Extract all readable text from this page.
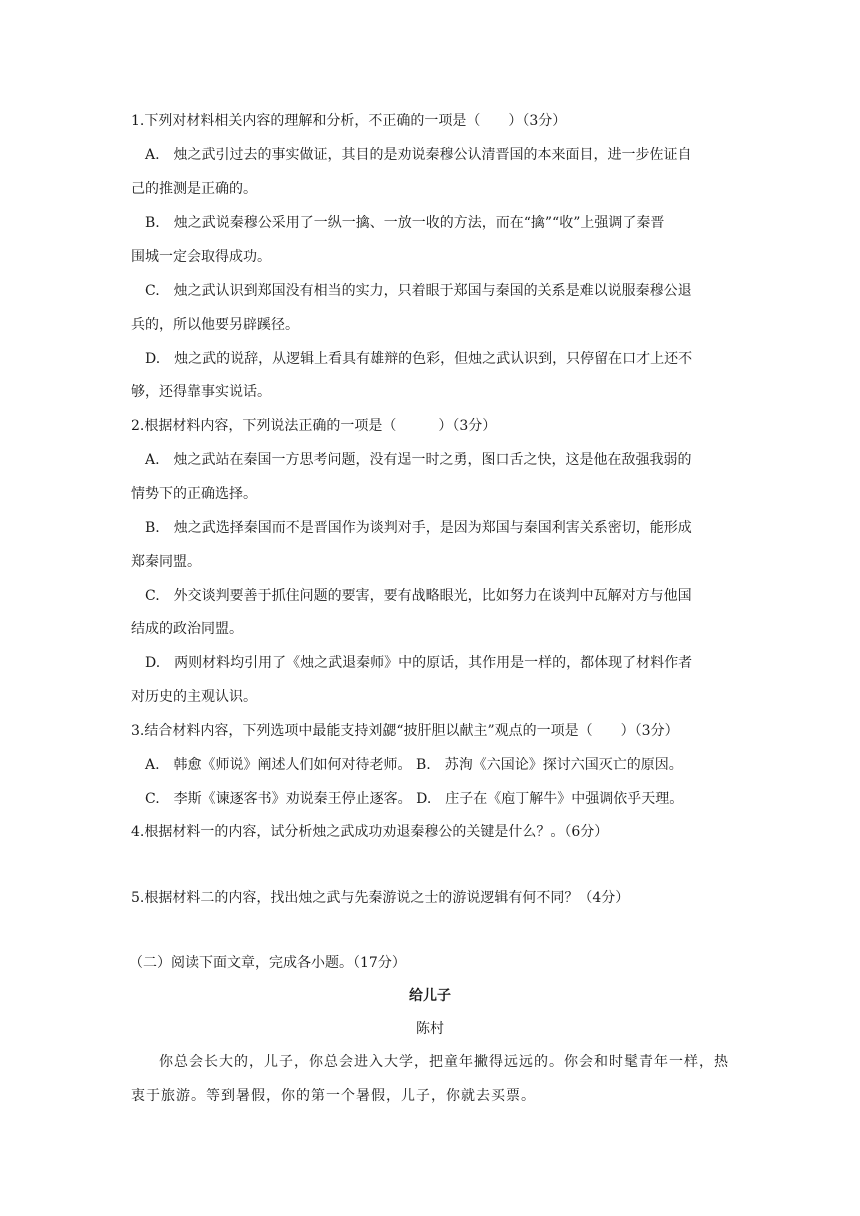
1.下列对材料相关内容的理解和分析，不正确的一项是（　　）（3分）
A.　烛之武引过去的事实做证，其目的是劝说秦穆公认清晋国的本来面目，进一步佐证自
己的推测是正确的。
B.　烛之武说秦穆公采用了一纵一擒、一放一收的方法，而在“擒”“收”上强调了秦晋
围城一定会取得成功。
C.　烛之武认识到郑国没有相当的实力，只着眼于郑国与秦国的关系是难以说服秦穆公退
兵的，所以他要另辟蹊径。
D.　烛之武的说辞，从逻辑上看具有雄辩的色彩，但烛之武认识到，只停留在口才上还不
够，还得靠事实说话。
2.根据材料内容，下列说法正确的一项是（　　　）（3分）
A.　烛之武站在秦国一方思考问题，没有逞一时之勇，图口舌之快，这是他在敌强我弱的
情势下的正确选择。
B.　烛之武选择秦国而不是晋国作为谈判对手，是因为郑国与秦国利害关系密切，能形成
郑秦同盟。
C.　外交谈判要善于抓住问题的要害，要有战略眼光，比如努力在谈判中瓦解对方与他国
结成的政治同盟。
D.　两则材料均引用了《烛之武退秦师》中的原话，其作用是一样的，都体现了材料作者
对历史的主观认识。
3.结合材料内容，下列选项中最能支持刘勰“披肝胆以献主”观点的一项是（　　）（3分）
A.　韩愈《师说》阐述人们如何对待老师。 B.　苏洵《六国论》探讨六国灭亡的原因。
C.　李斯《谏逐客书》劝说秦王停止逐客。 D.　庄子在《庖丁解牛》中强调依乎天理。
4.根据材料一的内容，试分析烛之武成功劝退秦穆公的关键是什么？。（6分）
5.根据材料二的内容，找出烛之武与先秦游说之士的游说逻辑有何不同？（4分）
（二）阅读下面文章，完成各小题。（17分）
给儿子
陈村
你总会长大的，儿子，你总会进入大学，把童年撇得远远的。你会和时髦青年一样，热
衷于旅游。等到暑假，你的第一个暑假，儿子，你就去买票。
